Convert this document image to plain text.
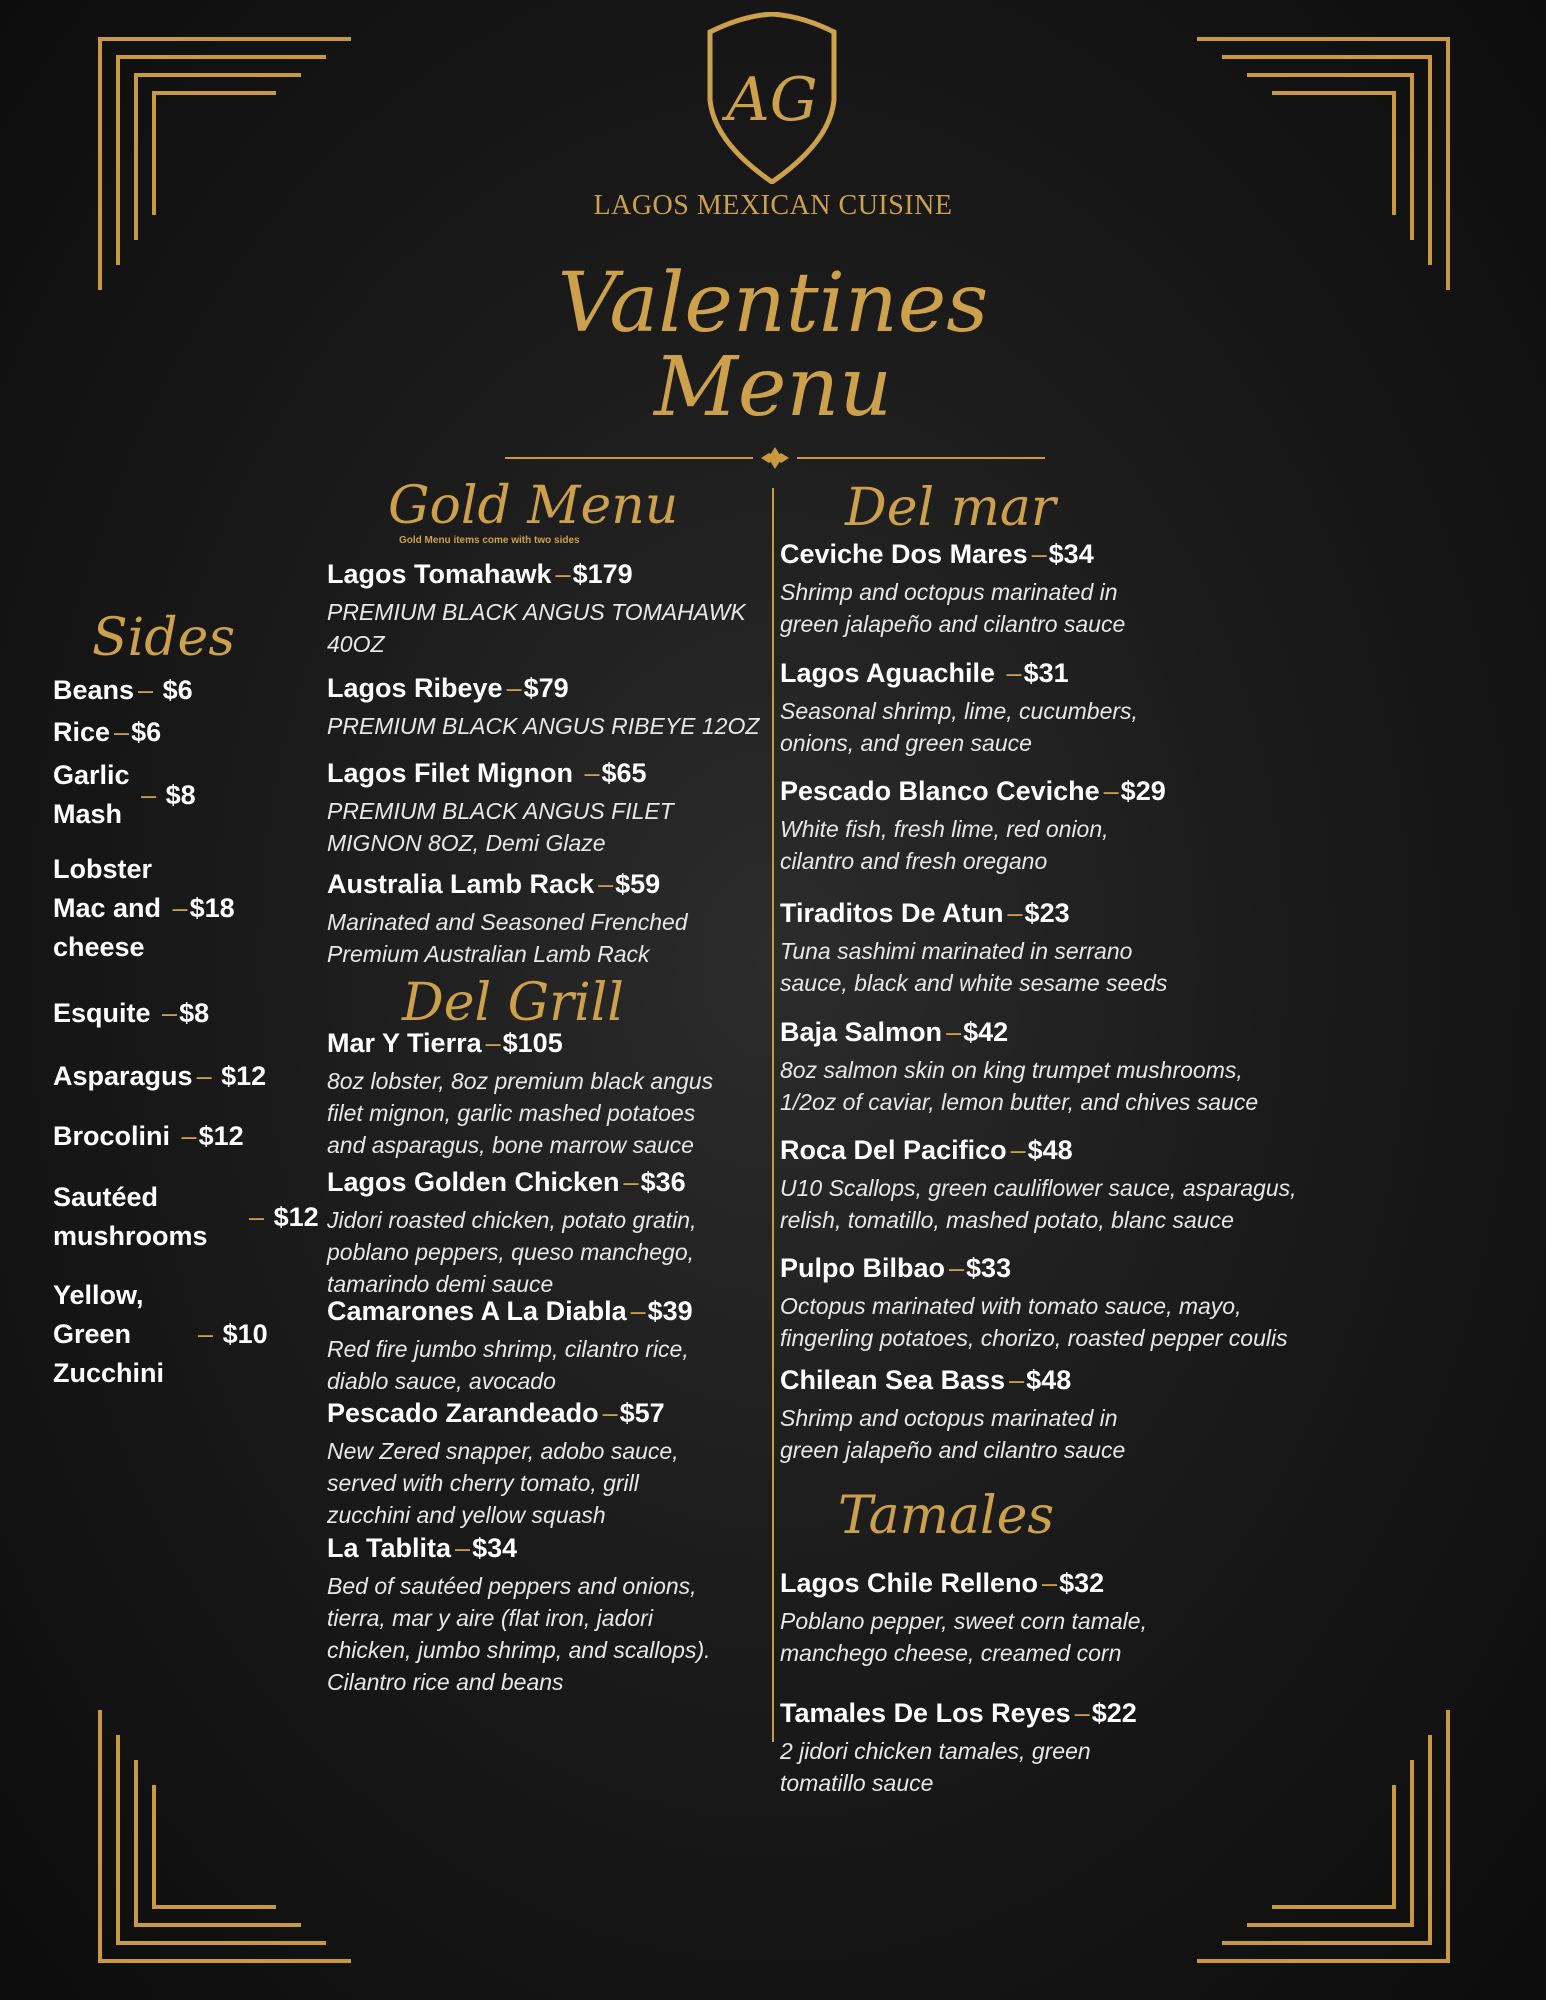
AG
LAGOS MEXICAN CUISINE
Valentines
Menu
Gold Menu
Gold Menu items come with two sides
Sides
Del Grill
Del mar
Tamales
Lagos Tomahawk –$179
PREMIUM BLACK ANGUS TOMAHAWK
40OZ
Lagos Ribeye –$79
PREMIUM BLACK ANGUS RIBEYE 12OZ
Lagos Filet Mignon –$65
PREMIUM BLACK ANGUS FILET
MIGNON 8OZ, Demi Glaze
Australia Lamb Rack –$59
Marinated and Seasoned Frenched
Premium Australian Lamb Rack
Mar Y Tierra –$105
8oz lobster, 8oz premium black angus
filet mignon, garlic mashed potatoes
and asparagus, bone marrow sauce
Lagos Golden Chicken –$36
Jidori roasted chicken, potato gratin,
poblano peppers, queso manchego,
tamarindo demi sauce
Camarones A La Diabla –$39
Red fire jumbo shrimp, cilantro rice,
diablo sauce, avocado
Pescado Zarandeado –$57
New Zered snapper, adobo sauce,
served with cherry tomato, grill
zucchini and yellow squash
La Tablita –$34
Bed of sautéed peppers and onions,
tierra, mar y aire (flat iron, jadori
chicken, jumbo shrimp, and scallops).
Cilantro rice and beans
Ceviche Dos Mares –$34
Shrimp and octopus marinated in
green jalapeño and cilantro sauce
Lagos Aguachile –$31
Seasonal shrimp, lime, cucumbers,
onions, and green sauce
Pescado Blanco Ceviche –$29
White fish, fresh lime, red onion,
cilantro and fresh oregano
Tiraditos De Atun –$23
Tuna sashimi marinated in serrano
sauce, black and white sesame seeds
Baja Salmon –$42
8oz salmon skin on king trumpet mushrooms,
1/2oz of caviar, lemon butter, and chives sauce
Roca Del Pacifico –$48
U10 Scallops, green cauliflower sauce, asparagus,
relish, tomatillo, mashed potato, blanc sauce
Pulpo Bilbao –$33
Octopus marinated with tomato sauce, mayo,
fingerling potatoes, chorizo, roasted pepper coulis
Chilean Sea Bass –$48
Shrimp and octopus marinated in
green jalapeño and cilantro sauce
Lagos Chile Relleno –$32
Poblano pepper, sweet corn tamale,
manchego cheese, creamed corn
Tamales De Los Reyes –$22
2 jidori chicken tamales, green
tomatillo sauce
Beans – $6
Rice –$6
Garlic
Mash – $8
Lobster
Mac and
cheese –$18
Esquite –$8
Asparagus – $12
Brocolini –$12
Sautéed
mushrooms     – $12
Yellow,
Green
Zucchini    – $10
